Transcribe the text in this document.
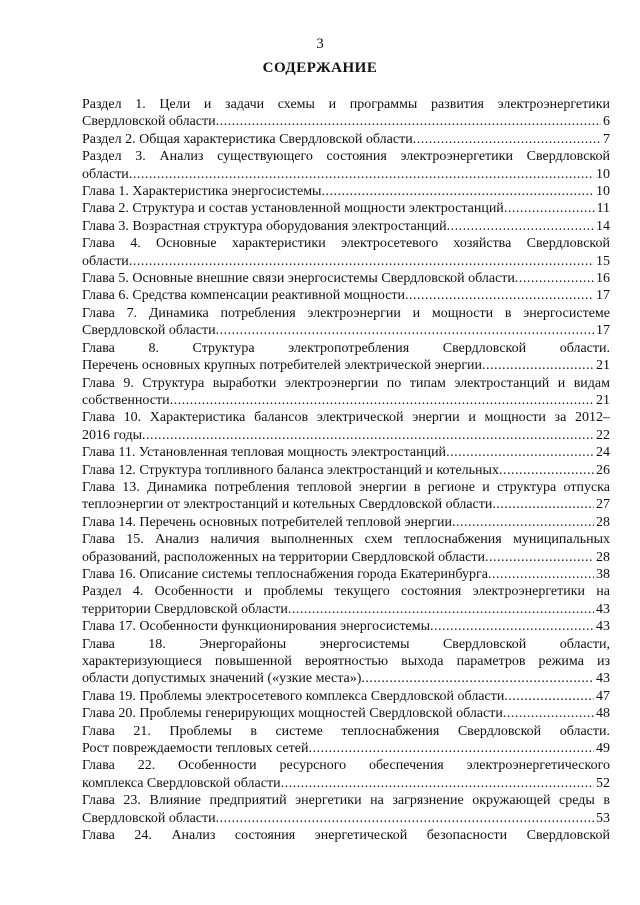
3
СОДЕРЖАНИЕ
Раздел 1. Цели и задачи схемы и программы развития электроэнергетики
Свердловской области .....	6
Раздел 2. Общая характеристика Свердловской области .....	7
Раздел 3. Анализ существующего состояния электроэнергетики Свердловской
области .....	10
Глава 1. Характеристика энергосистемы .....	10
Глава 2. Структура и состав установленной мощности электростанций .....	11
Глава 3. Возрастная структура оборудования электростанций .....	14
Глава 4. Основные характеристики электросетевого хозяйства Свердловской
области .....	15
Глава 5. Основные внешние связи энергосистемы Свердловской области .....	16
Глава 6. Средства компенсации реактивной мощности .....	17
Глава 7. Динамика потребления электроэнергии и мощности в энергосистеме
Свердловской области .....	17
Глава 8. Структура электропотребления Свердловской области.
Перечень основных крупных потребителей электрической энергии .....	21
Глава 9. Структура выработки электроэнергии по типам электростанций и видам
собственности .....	21
Глава 10. Характеристика балансов электрической энергии и мощности за 2012–
2016 годы .....	22
Глава 11. Установленная тепловая мощность электростанций .....	24
Глава 12. Структура топливного баланса электростанций и котельных .....	26
Глава 13. Динамика потребления тепловой энергии в регионе и структура отпуска
теплоэнергии от электростанций и котельных Свердловской области .....	27
Глава 14. Перечень основных потребителей тепловой энергии .....	28
Глава 15. Анализ наличия выполненных схем теплоснабжения муниципальных
образований, расположенных на территории Свердловской области .....	28
Глава 16. Описание системы теплоснабжения города Екатеринбурга .....	38
Раздел 4. Особенности и проблемы текущего состояния электроэнергетики на
территории Свердловской области .....	43
Глава 17. Особенности функционирования энергосистемы .....	43
Глава 18. Энергорайоны энергосистемы Свердловской области,
характеризующиеся повышенной вероятностью выхода параметров режима из
области допустимых значений («узкие места») .....	43
Глава 19. Проблемы электросетевого комплекса Свердловской области .....	47
Глава 20. Проблемы генерирующих мощностей Свердловской области .....	48
Глава 21. Проблемы в системе теплоснабжения Свердловской области.
Рост повреждаемости тепловых сетей .....	49
Глава 22. Особенности ресурсного обеспечения электроэнергетического
комплекса Свердловской области .....	52
Глава 23. Влияние предприятий энергетики на загрязнение окружающей среды в
Свердловской области .....	53
Глава 24. Анализ состояния энергетической безопасности Свердловской
